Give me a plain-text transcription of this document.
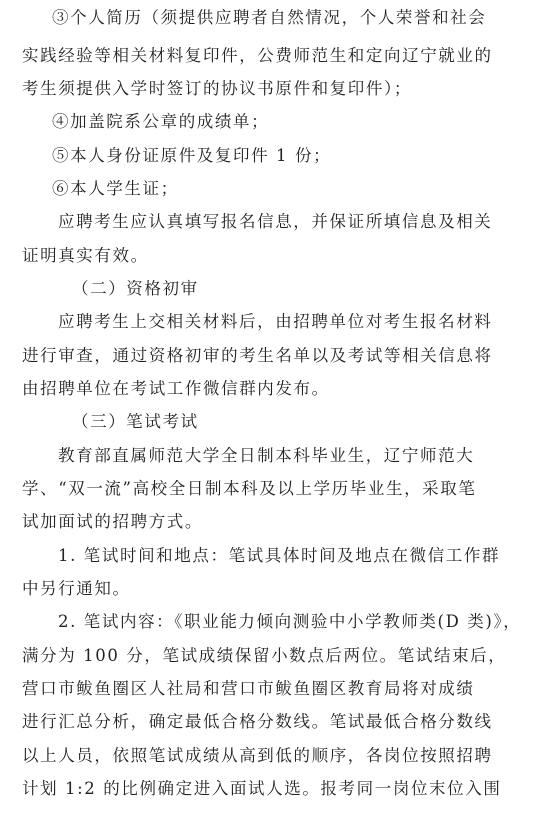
③个人简历（须提供应聘者自然情况，个人荣誉和社会
实践经验等相关材料复印件，公费师范生和定向辽宁就业的
考生须提供入学时签订的协议书原件和复印件）；
④加盖院系公章的成绩单；
⑤本人身份证原件及复印件 1 份；
⑥本人学生证；
应聘考生应认真填写报名信息，并保证所填信息及相关
证明真实有效。
（二）资格初审
应聘考生上交相关材料后，由招聘单位对考生报名材料
进行审查，通过资格初审的考生名单以及考试等相关信息将
由招聘单位在考试工作微信群内发布。
（三）笔试考试
教育部直属师范大学全日制本科毕业生，辽宁师范大
学、“双一流”高校全日制本科及以上学历毕业生，采取笔
试加面试的招聘方式。
1. 笔试时间和地点：笔试具体时间及地点在微信工作群
中另行通知。
2. 笔试内容：《职业能力倾向测验中小学教师类(D 类)》，
满分为 100 分，笔试成绩保留小数点后两位。笔试结束后，
营口市鲅鱼圈区人社局和营口市鲅鱼圈区教育局将对成绩
进行汇总分析，确定最低合格分数线。笔试最低合格分数线
以上人员，依照笔试成绩从高到低的顺序，各岗位按照招聘
计划 1:2 的比例确定进入面试人选。报考同一岗位末位入围
